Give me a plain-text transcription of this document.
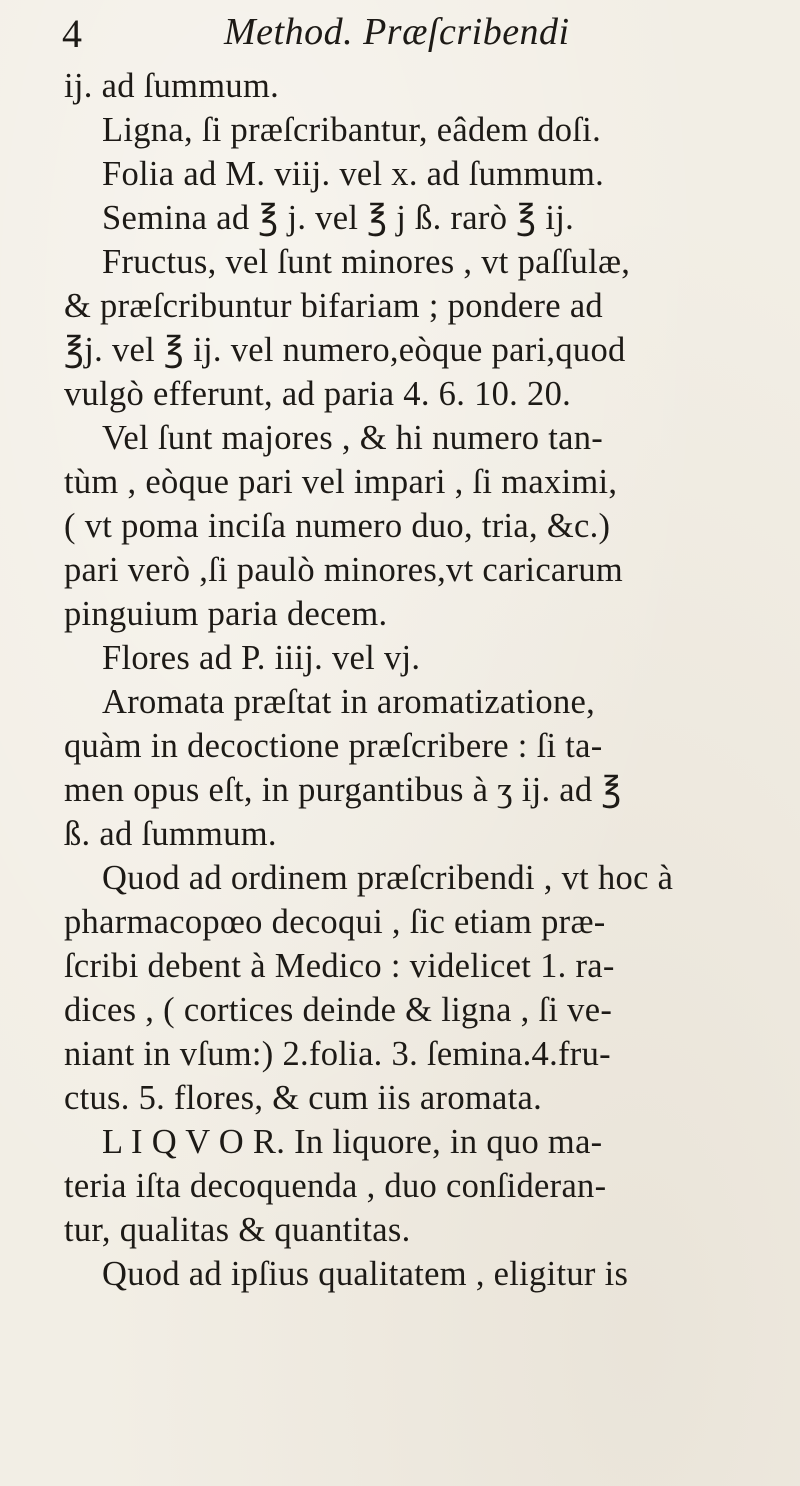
4	Method. Præſcribendi
ij. ad ſummum.
Ligna, ſi præſcribantur, eâdem doſi.
Folia ad M. viij. vel x. ad ſummum.
Semina ad ℥ j. vel ℥ j ß. rarò ℥ ij.
Fructus, vel ſunt minores , vt paſſulæ,
& præſcribuntur bifariam ; pondere ad
℥j. vel ℥ ij. vel numero,eòque pari,quod
vulgò efferunt, ad paria 4. 6. 10. 20.
Vel ſunt majores , & hi numero tan-
tùm , eòque pari vel impari , ſi maximi,
( vt poma inciſa numero duo, tria, &c.)
pari verò ,ſi paulò minores,vt caricarum
pinguium paria decem.
Flores ad P. iiij. vel vj.
Aromata præſtat in aromatizatione,
quàm in decoctione præſcribere : ſi ta-
men opus eſt, in purgantibus à ʒ ij. ad ℥
ß. ad ſummum.
Quod ad ordinem præſcribendi , vt hoc à
pharmacopœo decoqui , ſic etiam præ-
ſcribi debent à Medico : videlicet 1. ra-
dices , ( cortices deinde & ligna , ſi ve-
niant in vſum:) 2.folia. 3. ſemina.4.fru-
ctus. 5. flores, & cum iis aromata.
L I Q V O R. In liquore, in quo ma-
teria iſta decoquenda , duo conſideran-
tur, qualitas & quantitas.
Quod ad ipſius qualitatem , eligitur is
